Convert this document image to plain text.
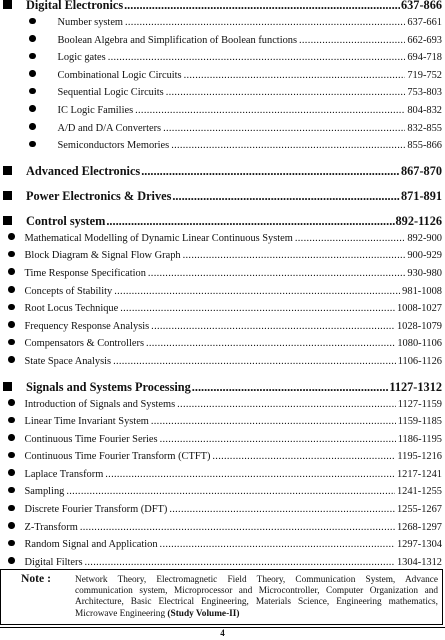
Digital Electronics .....	637-866
Number system .....	637-661
Boolean Algebra and Simplification of Boolean functions .....	662-693
Logic gates .....	694-718
Combinational Logic Circuits .....	719-752
Sequential Logic Circuits .....	753-803
IC Logic Families .....	804-832
A/D and D/A Converters .....	832-855
Semiconductors Memories .....	855-866
Advanced Electronics .....	867-870
Power Electronics & Drives .....	871-891
Control system .....	892-1126
Mathematical Modelling of Dynamic Linear Continuous System .....	892-900
Block Diagram & Signal Flow Graph .....	900-929
Time Response Specification .....	930-980
Concepts of Stability .....	981-1008
Root Locus Technique .....	1008-1027
Frequency Response Analysis .....	1028-1079
Compensators & Controllers .....	1080-1106
State Space Analysis .....	1106-1126
Signals and Systems Processing .....	1127-1312
Introduction of Signals and Systems .....	1127-1159
Linear Time Invariant System .....	1159-1185
Continuous Time Fourier Series .....	1186-1195
Continuous Time Fourier Transform (CTFT) .....	1195-1216
Laplace Transform .....	1217-1241
Sampling .....	1241-1255
Discrete Fourier Transform (DFT) .....	1255-1267
Z-Transform .....	1268-1297
Random Signal and Application .....	1297-1304
Digital Filters .....	1304-1312
Note :	Network Theory, Electromagnetic Field Theory, Communication System, Advance communication system, Microprocessor and Microcontroller, Computer Organization and Architecture, Basic Electrical Engineering, Materials Science, Engineering mathematics, Microwave Engineering (Study Volume-II)
4
